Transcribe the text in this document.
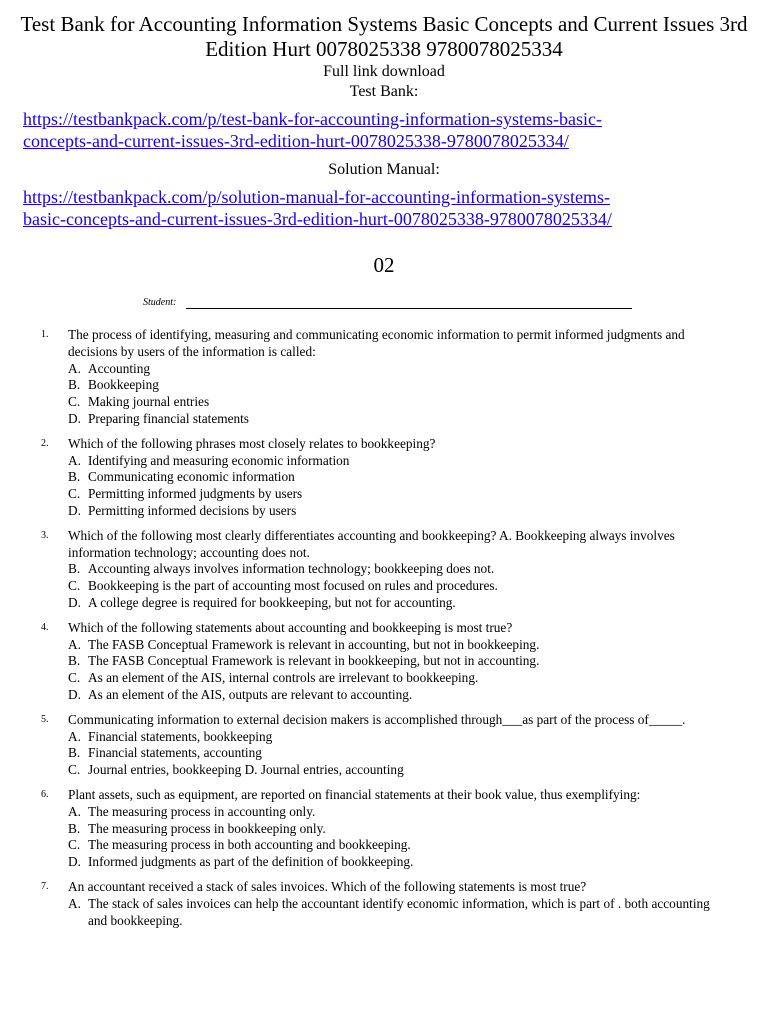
Test Bank for Accounting Information Systems Basic Concepts and Current Issues 3rd Edition Hurt 0078025338 9780078025334
Full link download
Test Bank:
https://testbankpack.com/p/test-bank-for-accounting-information-systems-basic-
concepts-and-current-issues-3rd-edition-hurt-0078025338-9780078025334/
Solution Manual:
https://testbankpack.com/p/solution-manual-for-accounting-information-systems-
basic-concepts-and-current-issues-3rd-edition-hurt-0078025338-9780078025334/
02
Student:
1. The process of identifying, measuring and communicating economic information to permit informed judgments and decisions by users of the information is called:
A. Accounting
B. Bookkeeping
C. Making journal entries
D. Preparing financial statements
2. Which of the following phrases most closely relates to bookkeeping?
A. Identifying and measuring economic information
B. Communicating economic information
C. Permitting informed judgments by users
D. Permitting informed decisions by users
3. Which of the following most clearly differentiates accounting and bookkeeping? A. Bookkeeping always involves information technology; accounting does not.
B. Accounting always involves information technology; bookkeeping does not.
C. Bookkeeping is the part of accounting most focused on rules and procedures.
D. A college degree is required for bookkeeping, but not for accounting.
4. Which of the following statements about accounting and bookkeeping is most true?
A. The FASB Conceptual Framework is relevant in accounting, but not in bookkeeping.
B. The FASB Conceptual Framework is relevant in bookkeeping, but not in accounting.
C. As an element of the AIS, internal controls are irrelevant to bookkeeping.
D. As an element of the AIS, outputs are relevant to accounting.
5. Communicating information to external decision makers is accomplished through___as part of the process of_____.
A. Financial statements, bookkeeping
B. Financial statements, accounting
C. Journal entries, bookkeeping D. Journal entries, accounting
6. Plant assets, such as equipment, are reported on financial statements at their book value, thus exemplifying:
A. The measuring process in accounting only.
B. The measuring process in bookkeeping only.
C. The measuring process in both accounting and bookkeeping.
D. Informed judgments as part of the definition of bookkeeping.
7. An accountant received a stack of sales invoices. Which of the following statements is most true?
A. The stack of sales invoices can help the accountant identify economic information, which is part of . both accounting and bookkeeping.
